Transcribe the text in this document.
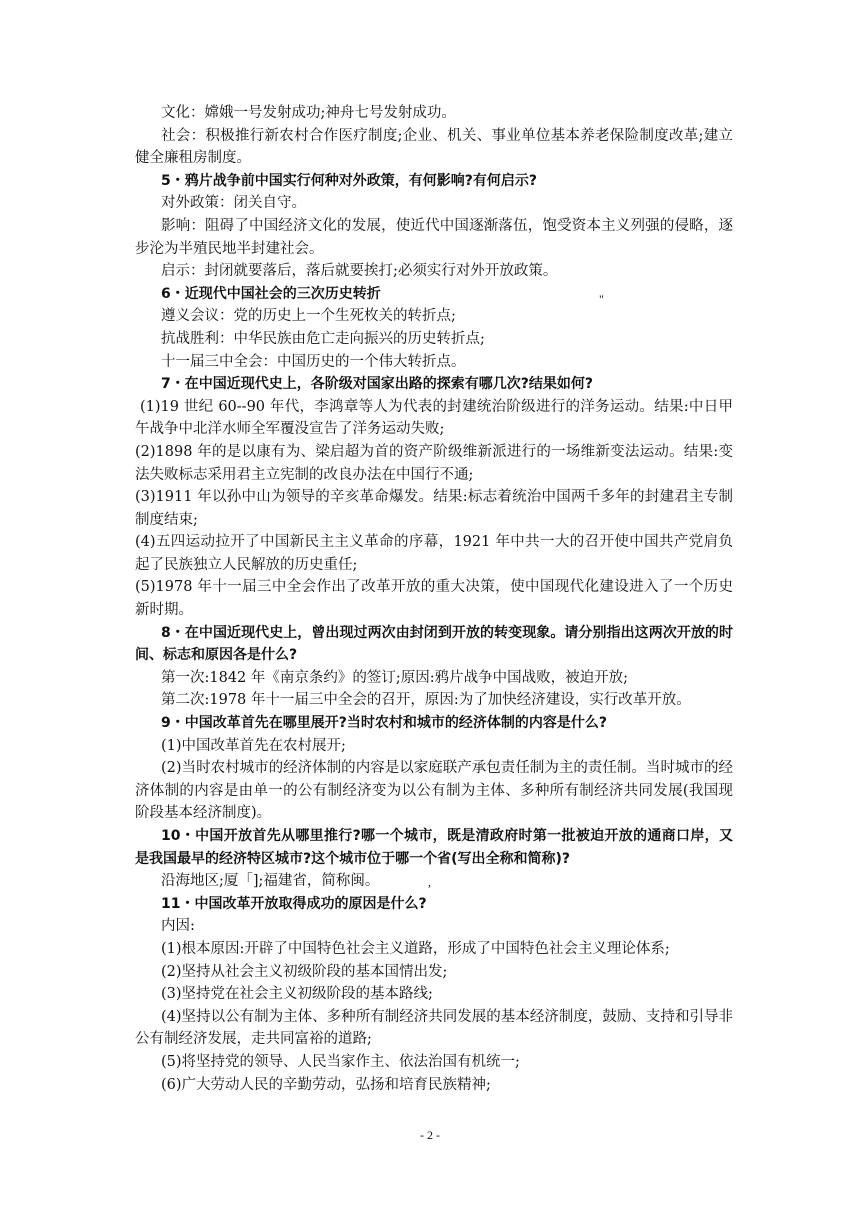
文化：嫦娥一号发射成功;神舟七号发射成功。

社会：积极推行新农村合作医疗制度;企业、机关、事业单位基本养老保险制度改革;建立健全廉租房制度。

5・鸦片战争前中国实行何种对外政策，有何影响?有何启示?

对外政策：闭关自守。

影响：阻碍了中国经济文化的发展，使近代中国逐渐落伍，饱受资本主义列强的侵略，逐步沦为半殖民地半封建社会。

启示：封闭就要落后，落后就要挨打;必须实行对外开放政策。

6・近现代中国社会的三次历史转折

遵义会议：党的历史上一个生死枚关的转折点;

抗战胜利：中华民族由危亡走向振兴的历史转折点;

十一届三中全会：中国历史的一个伟大转折点。

7・在中国近现代史上，各阶级对国家出路的探索有哪几次?结果如何?

(1)19 世纪 60--90 年代，李鸿章等人为代表的封建统治阶级进行的洋务运动。结果:中日甲午战争中北洋水师全军覆没宣告了洋务运动失败;

(2)1898 年的是以康有为、梁启超为首的资产阶级维新派进行的一场维新变法运动。结果:变法失败标志采用君主立宪制的改良办法在中国行不通;

(3)1911 年以孙中山为领导的辛亥革命爆发。结果:标志着统治中国两千多年的封建君主专制制度结束;

(4)五四运动拉开了中国新民主主义革命的序幕，1921 年中共一大的召开使中国共产党肩负起了民族独立人民解放的历史重任;

(5)1978 年十一届三中全会作出了改革开放的重大决策，使中国现代化建设进入了一个历史新时期。

8・在中国近现代史上，曾出现过两次由封闭到开放的转变现象。请分别指出这两次开放的时间、标志和原因各是什么?

第一次:1842 年《南京条约》的签订;原因:鸦片战争中国战败，被迫开放;

第二次:1978 年十一届三中全会的召开，原因:为了加快经济建设，实行改革开放。

9・中国改革首先在哪里展开?当时农村和城市的经济体制的内容是什么?

(1)中国改革首先在农村展开;

(2)当时农村城市的经济体制的内容是以家庭联产承包责任制为主的责任制。当时城市的经济体制的内容是由单一的公有制经济变为以公有制为主体、多种所有制经济共同发展(我国现阶段基本经济制度)。

10・中国开放首先从哪里推行?哪一个城市，既是清政府时第一批被迫开放的通商口岸，又是我国最早的经济特区城市?这个城市位于哪一个省(写出全称和简称)?

沿海地区;厦「];福建省，简称闽。

11・中国改革开放取得成功的原因是什么?

内因:

(1)根本原因:开辟了中国特色社会主义道路，形成了中国特色社会主义理论体系;

(2)坚持从社会主义初级阶段的基本国情出发;

(3)坚持党在社会主义初级阶段的基本路线;

(4)坚持以公有制为主体、多种所有制经济共同发展的基本经济制度，鼓励、支持和引导非公有制经济发展，走共同富裕的道路;

(5)将坚持党的领导、人民当家作主、依法治国有机统一;

(6)广大劳动人民的辛勤劳动，弘扬和培育民族精神;

"
,
- 2 -
